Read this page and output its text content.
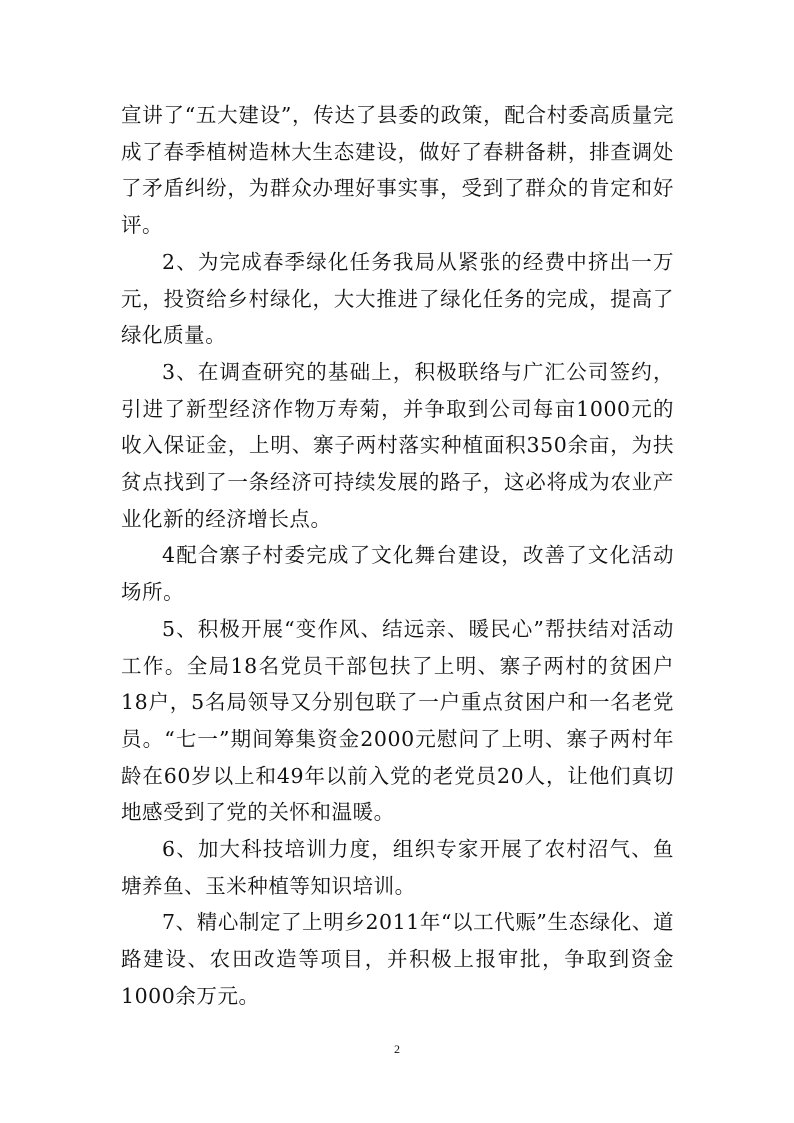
宣讲了“五大建设”，传达了县委的政策，配合村委高质量完成了春季植树造林大生态建设，做好了春耕备耕，排查调处了矛盾纠纷，为群众办理好事实事，受到了群众的肯定和好评。

2、为完成春季绿化任务我局从紧张的经费中挤出一万元，投资给乡村绿化，大大推进了绿化任务的完成，提高了绿化质量。

3、在调查研究的基础上，积极联络与广汇公司签约，引进了新型经济作物万寿菊，并争取到公司每亩1000元的收入保证金，上明、寨子两村落实种植面积350余亩，为扶贫点找到了一条经济可持续发展的路子，这必将成为农业产业化新的经济增长点。

4配合寨子村委完成了文化舞台建设，改善了文化活动场所。

5、积极开展“变作风、结远亲、暖民心”帮扶结对活动工作。全局18名党员干部包扶了上明、寨子两村的贫困户18户，5名局领导又分别包联了一户重点贫困户和一名老党员。“七一”期间筹集资金2000元慰问了上明、寨子两村年龄在60岁以上和49年以前入党的老党员20人，让他们真切地感受到了党的关怀和温暖。

6、加大科技培训力度，组织专家开展了农村沼气、鱼塘养鱼、玉米种植等知识培训。

7、精心制定了上明乡2011年“以工代赈”生态绿化、道路建设、农田改造等项目，并积极上报审批，争取到资金1000余万元。

2
